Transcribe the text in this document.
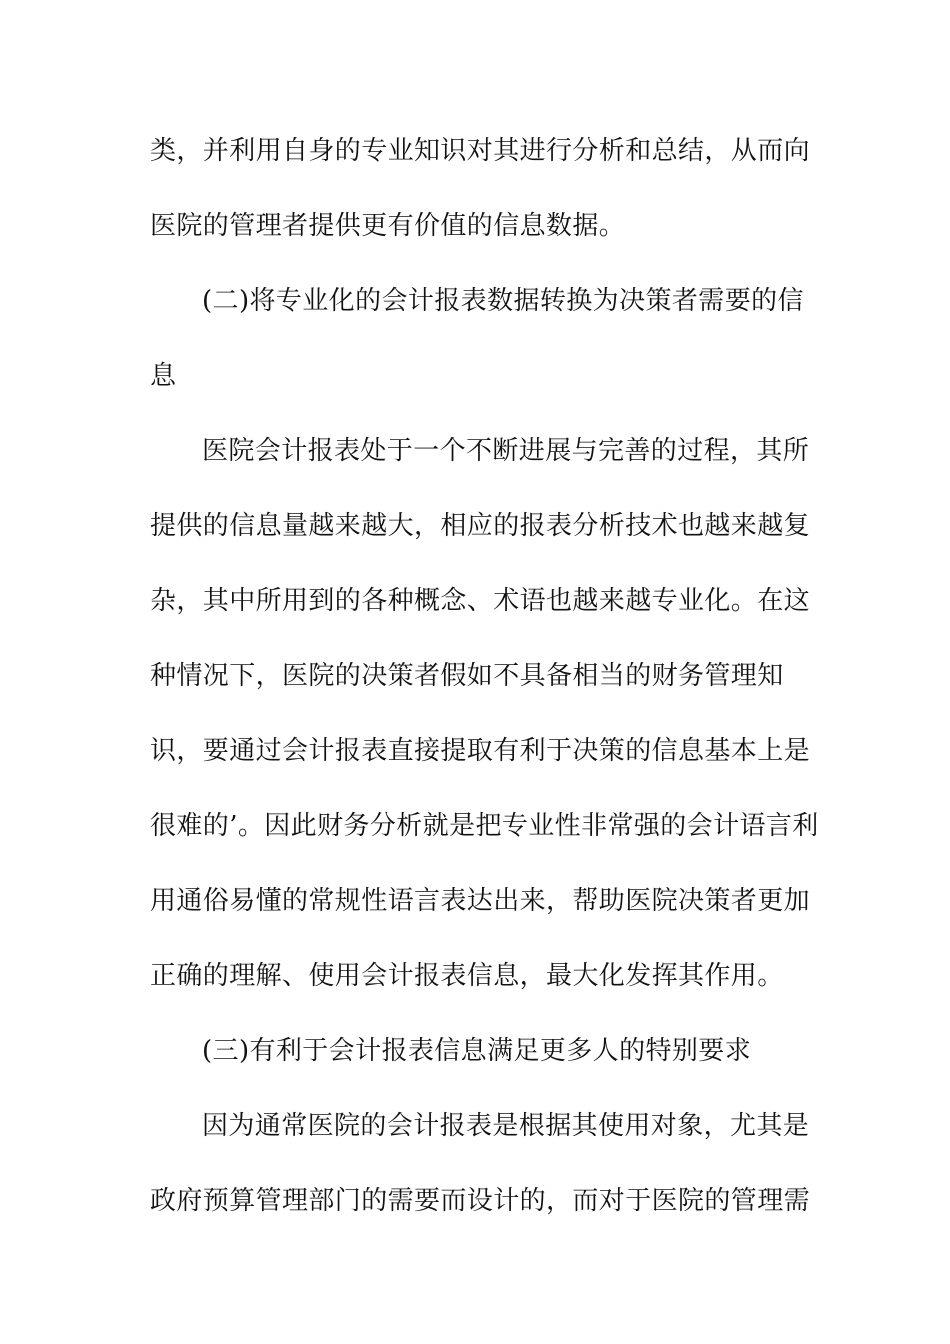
类，并利用自身的专业知识对其进行分析和总结，从而向
医院的管理者提供更有价值的信息数据。
(二)将专业化的会计报表数据转换为决策者需要的信
息
医院会计报表处于一个不断进展与完善的过程，其所
提供的信息量越来越大，相应的报表分析技术也越来越复
杂，其中所用到的各种概念、术语也越来越专业化。在这
种情况下，医院的决策者假如不具备相当的财务管理知
识，要通过会计报表直接提取有利于决策的信息基本上是
很难的’。因此财务分析就是把专业性非常强的会计语言利
用通俗易懂的常规性语言表达出来，帮助医院决策者更加
正确的理解、使用会计报表信息，最大化发挥其作用。
(三)有利于会计报表信息满足更多人的特别要求
因为通常医院的会计报表是根据其使用对象，尤其是
政府预算管理部门的需要而设计的，而对于医院的管理需
